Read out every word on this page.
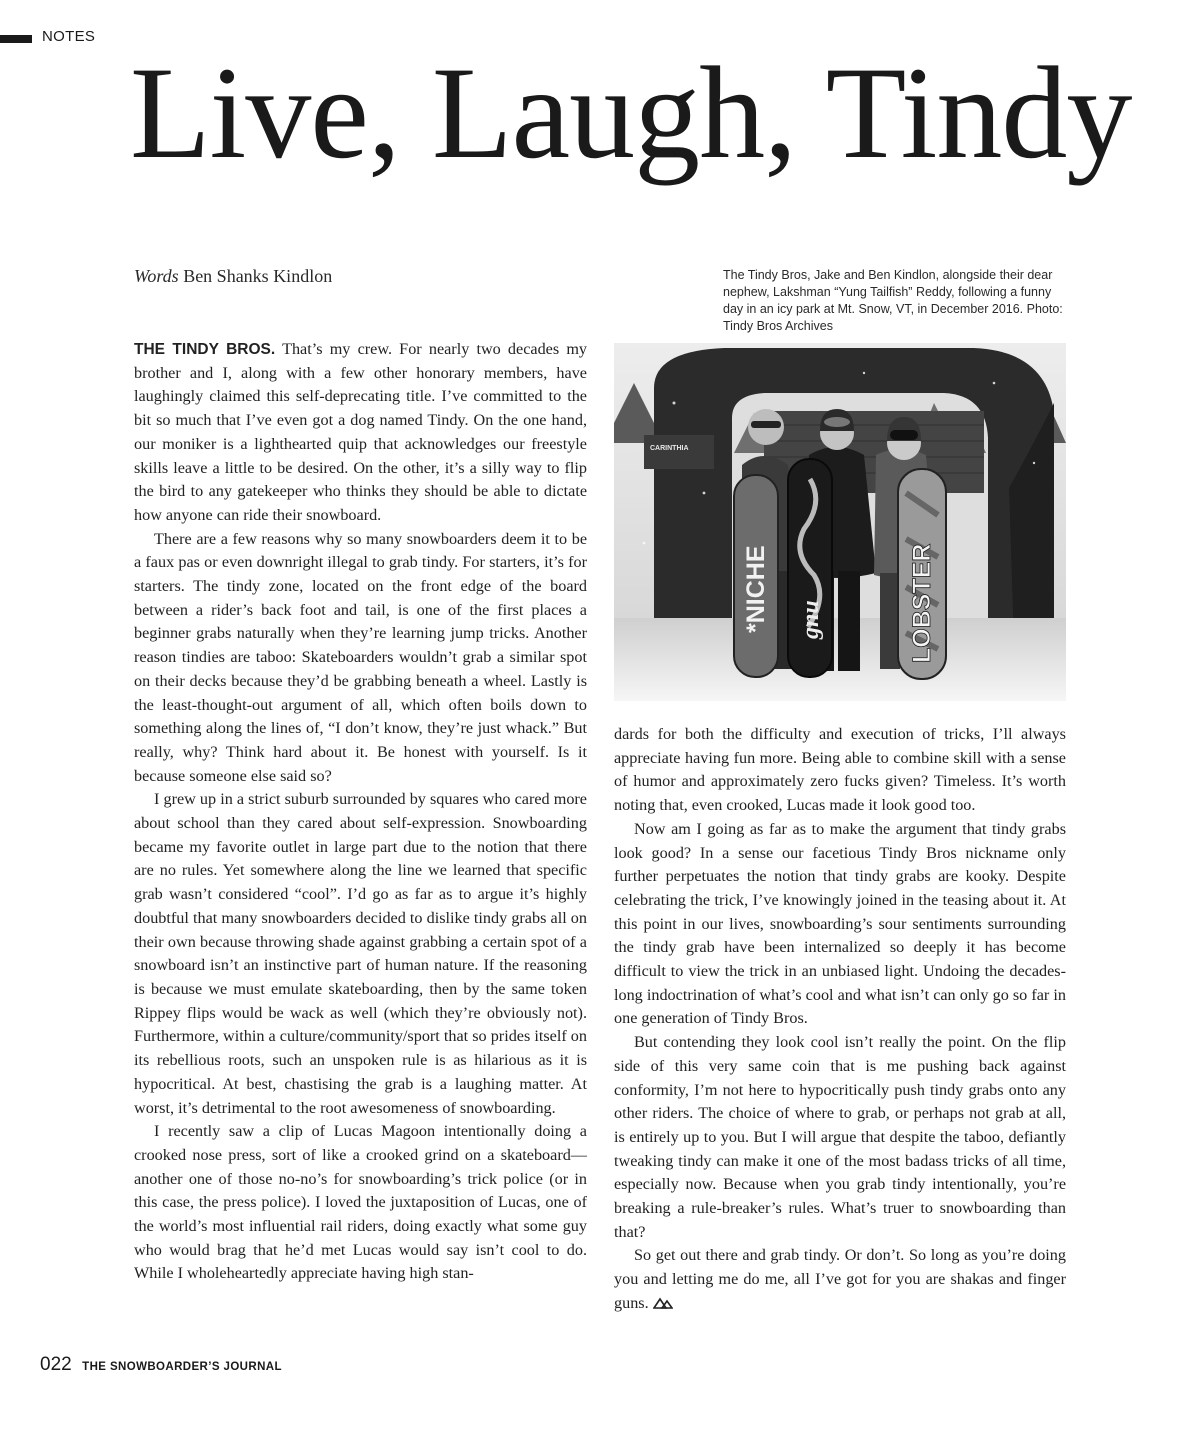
NOTES
Live, Laugh, Tindy
Words Ben Shanks Kindlon	The Tindy Bros, Jake and Ben Kindlon, alongside their dear nephew, Lakshman “Yung Tailfish” Reddy, following a funny day in an icy park at Mt. Snow, VT, in December 2016. Photo: Tindy Bros Archives
CARINTHIA
*NICHE gnu	LOBSTER

THE TINDY BROS. That’s my crew. For nearly two decades my brother and I, along with a few other honorary members, have laughingly claimed this self-deprecating title. I’ve committed to the bit so much that I’ve even got a dog named Tindy. On the one hand, our moniker is a lighthearted quip that acknowledges our freestyle skills leave a little to be desired. On the other, it’s a silly way to flip the bird to any gatekeeper who thinks they should be able to dictate how anyone can ride their snowboard.

There are a few reasons why so many snowboarders deem it to be a faux pas or even downright illegal to grab tindy. For starters, it’s for starters. The tindy zone, located on the front edge of the board between a rider’s back foot and tail, is one of the first places a beginner grabs naturally when they’re learning jump tricks. Another reason tindies are taboo: Skateboarders wouldn’t grab a similar spot on their decks because they’d be grabbing beneath a wheel. Lastly is the least-thought-out argument of all, which often boils down to something along the lines of, “I don’t know, they’re just whack.” But really, why? Think hard about it. Be honest with yourself. Is it because someone else said so?

I grew up in a strict suburb surrounded by squares who cared more about school than they cared about self-expression. Snowboarding became my favorite outlet in large part due to the notion that there are no rules. Yet somewhere along the line we learned that specific grab wasn’t considered “cool”. I’d go as far as to argue it’s highly doubtful that many snowboarders decided to dislike tindy grabs all on their own because throwing shade against grabbing a certain spot of a snowboard isn’t an instinctive part of human nature. If the reasoning is because we must emulate skateboarding, then by the same token Rippey flips would be wack as well (which they’re obviously not). Furthermore, within a culture/community/sport that so prides itself on its rebellious roots, such an unspoken rule is as hilarious as it is hypocritical. At best, chastising the grab is a laughing matter. At worst, it’s detrimental to the root awesomeness of snowboarding.

I recently saw a clip of Lucas Magoon intentionally doing a crooked nose press, sort of like a crooked grind on a skateboard—another one of those no-no’s for snowboarding’s trick police (or in this case, the press police). I loved the juxtaposition of Lucas, one of the world’s most influential rail riders, doing exactly what some guy who would brag that he’d met Lucas would say isn’t cool to do. While I wholeheartedly appreciate having high stan-

dards for both the difficulty and execution of tricks, I’ll always appreciate having fun more. Being able to combine skill with a sense of humor and approximately zero fucks given? Timeless. It’s worth noting that, even crooked, Lucas made it look good too.

Now am I going as far as to make the argument that tindy grabs look good? In a sense our facetious Tindy Bros nickname only further perpetuates the notion that tindy grabs are kooky. Despite celebrating the trick, I’ve knowingly joined in the teasing about it. At this point in our lives, snowboarding’s sour sentiments surrounding the tindy grab have been internalized so deeply it has become difficult to view the trick in an unbiased light. Undoing the decades-long indoctrination of what’s cool and what isn’t can only go so far in one generation of Tindy Bros.

But contending they look cool isn’t really the point. On the flip side of this very same coin that is me pushing back against conformity, I’m not here to hypocritically push tindy grabs onto any other riders. The choice of where to grab, or perhaps not grab at all, is entirely up to you. But I will argue that despite the taboo, defiantly tweaking tindy can make it one of the most badass tricks of all time, especially now. Because when you grab tindy intentionally, you’re breaking a rule-breaker’s rules. What’s truer to snowboarding than that?

So get out there and grab tindy. Or don’t. So long as you’re doing you and letting me do me, all I’ve got for you are shakas and finger guns.

022 THE SNOWBOARDER’S JOURNAL
